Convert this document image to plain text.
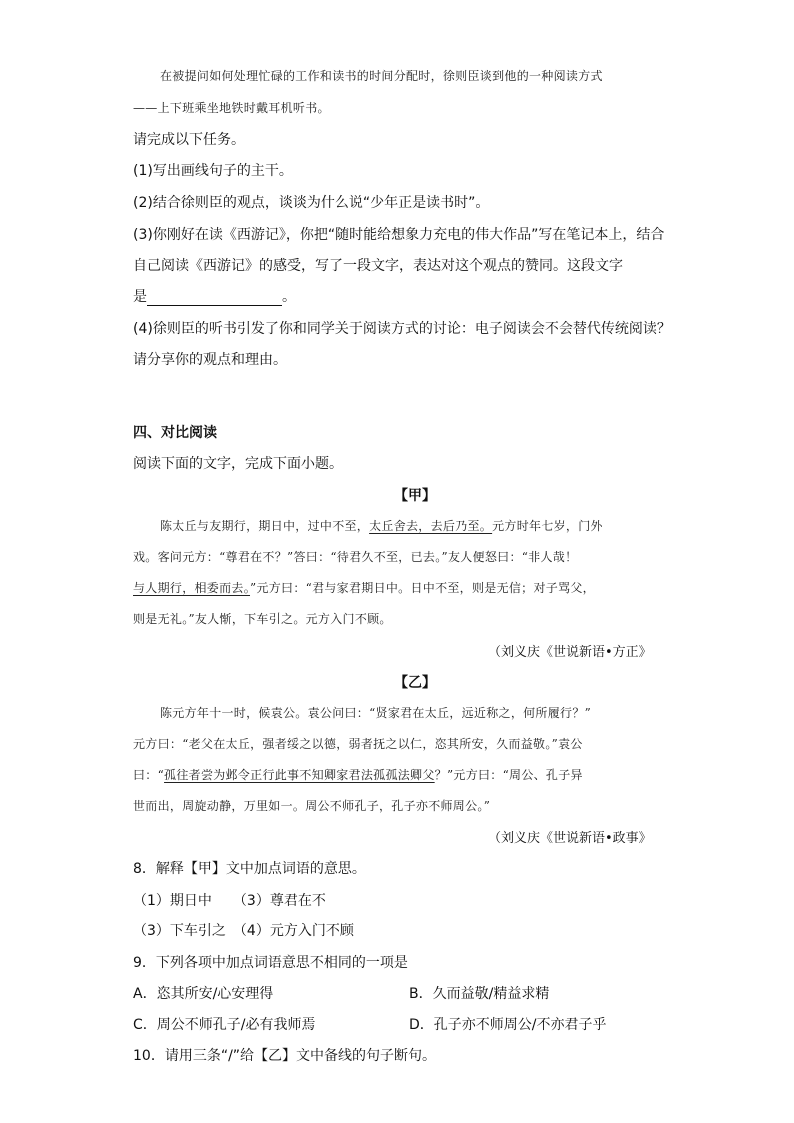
在被提问如何处理忙碌的工作和读书的时间分配时，徐则臣谈到他的一种阅读方式
——上下班乘坐地铁时戴耳机听书。
请完成以下任务。
(1)写出画线句子的主干。
(2)结合徐则臣的观点，谈谈为什么说“少年正是读书时”。
(3)你刚好在读《西游记》，你把“随时能给想象力充电的伟大作品”写在笔记本上，结合
自己阅读《西游记》的感受，写了一段文字，表达对这个观点的赞同。这段文字
是	。
(4)徐则臣的听书引发了你和同学关于阅读方式的讨论：电子阅读会不会替代传统阅读？
请分享你的观点和理由。
四、对比阅读
阅读下面的文字，完成下面小题。
【甲】
陈太丘与友期行，期日中，过中不至，太丘舍去，去后乃至。元方时年七岁，门外
戏。客问元方：“尊君在不？”答曰：“待君久不至，已去。”友人便怒曰：“非人哉！
与人期行，相委而去。”元方曰：“君与家君期日中。日中不至，则是无信；对子骂父，
则是无礼。”友人惭，下车引之。元方入门不顾。
（刘义庆《世说新语•方正》
【乙】
陈元方年十一时，候袁公。袁公问曰：“贤家君在太丘，远近称之，何所履行？”
元方曰：“老父在太丘，强者绥之以德，弱者抚之以仁，恣其所安，久而益敬。”袁公
曰：“孤往者尝为邺令正行此事不知卿家君法孤孤法卿父？”元方曰：“周公、孔子异
世而出，周旋动静，万里如一。周公不师孔子，孔子亦不师周公。”
（刘义庆《世说新语•政事》
8．解释【甲】文中加点词语的意思。
（1）期日中　　（3）尊君在不
（3）下车引之　（4）元方入门不顾
9．下列各项中加点词语意思不相同的一项是
A．恣其所安/心安理得	B．久而益敬/精益求精
C．周公不师孔子/必有我师焉	D．孔子亦不师周公/不亦君子乎
10．请用三条“/”给【乙】文中备线的句子断句。
